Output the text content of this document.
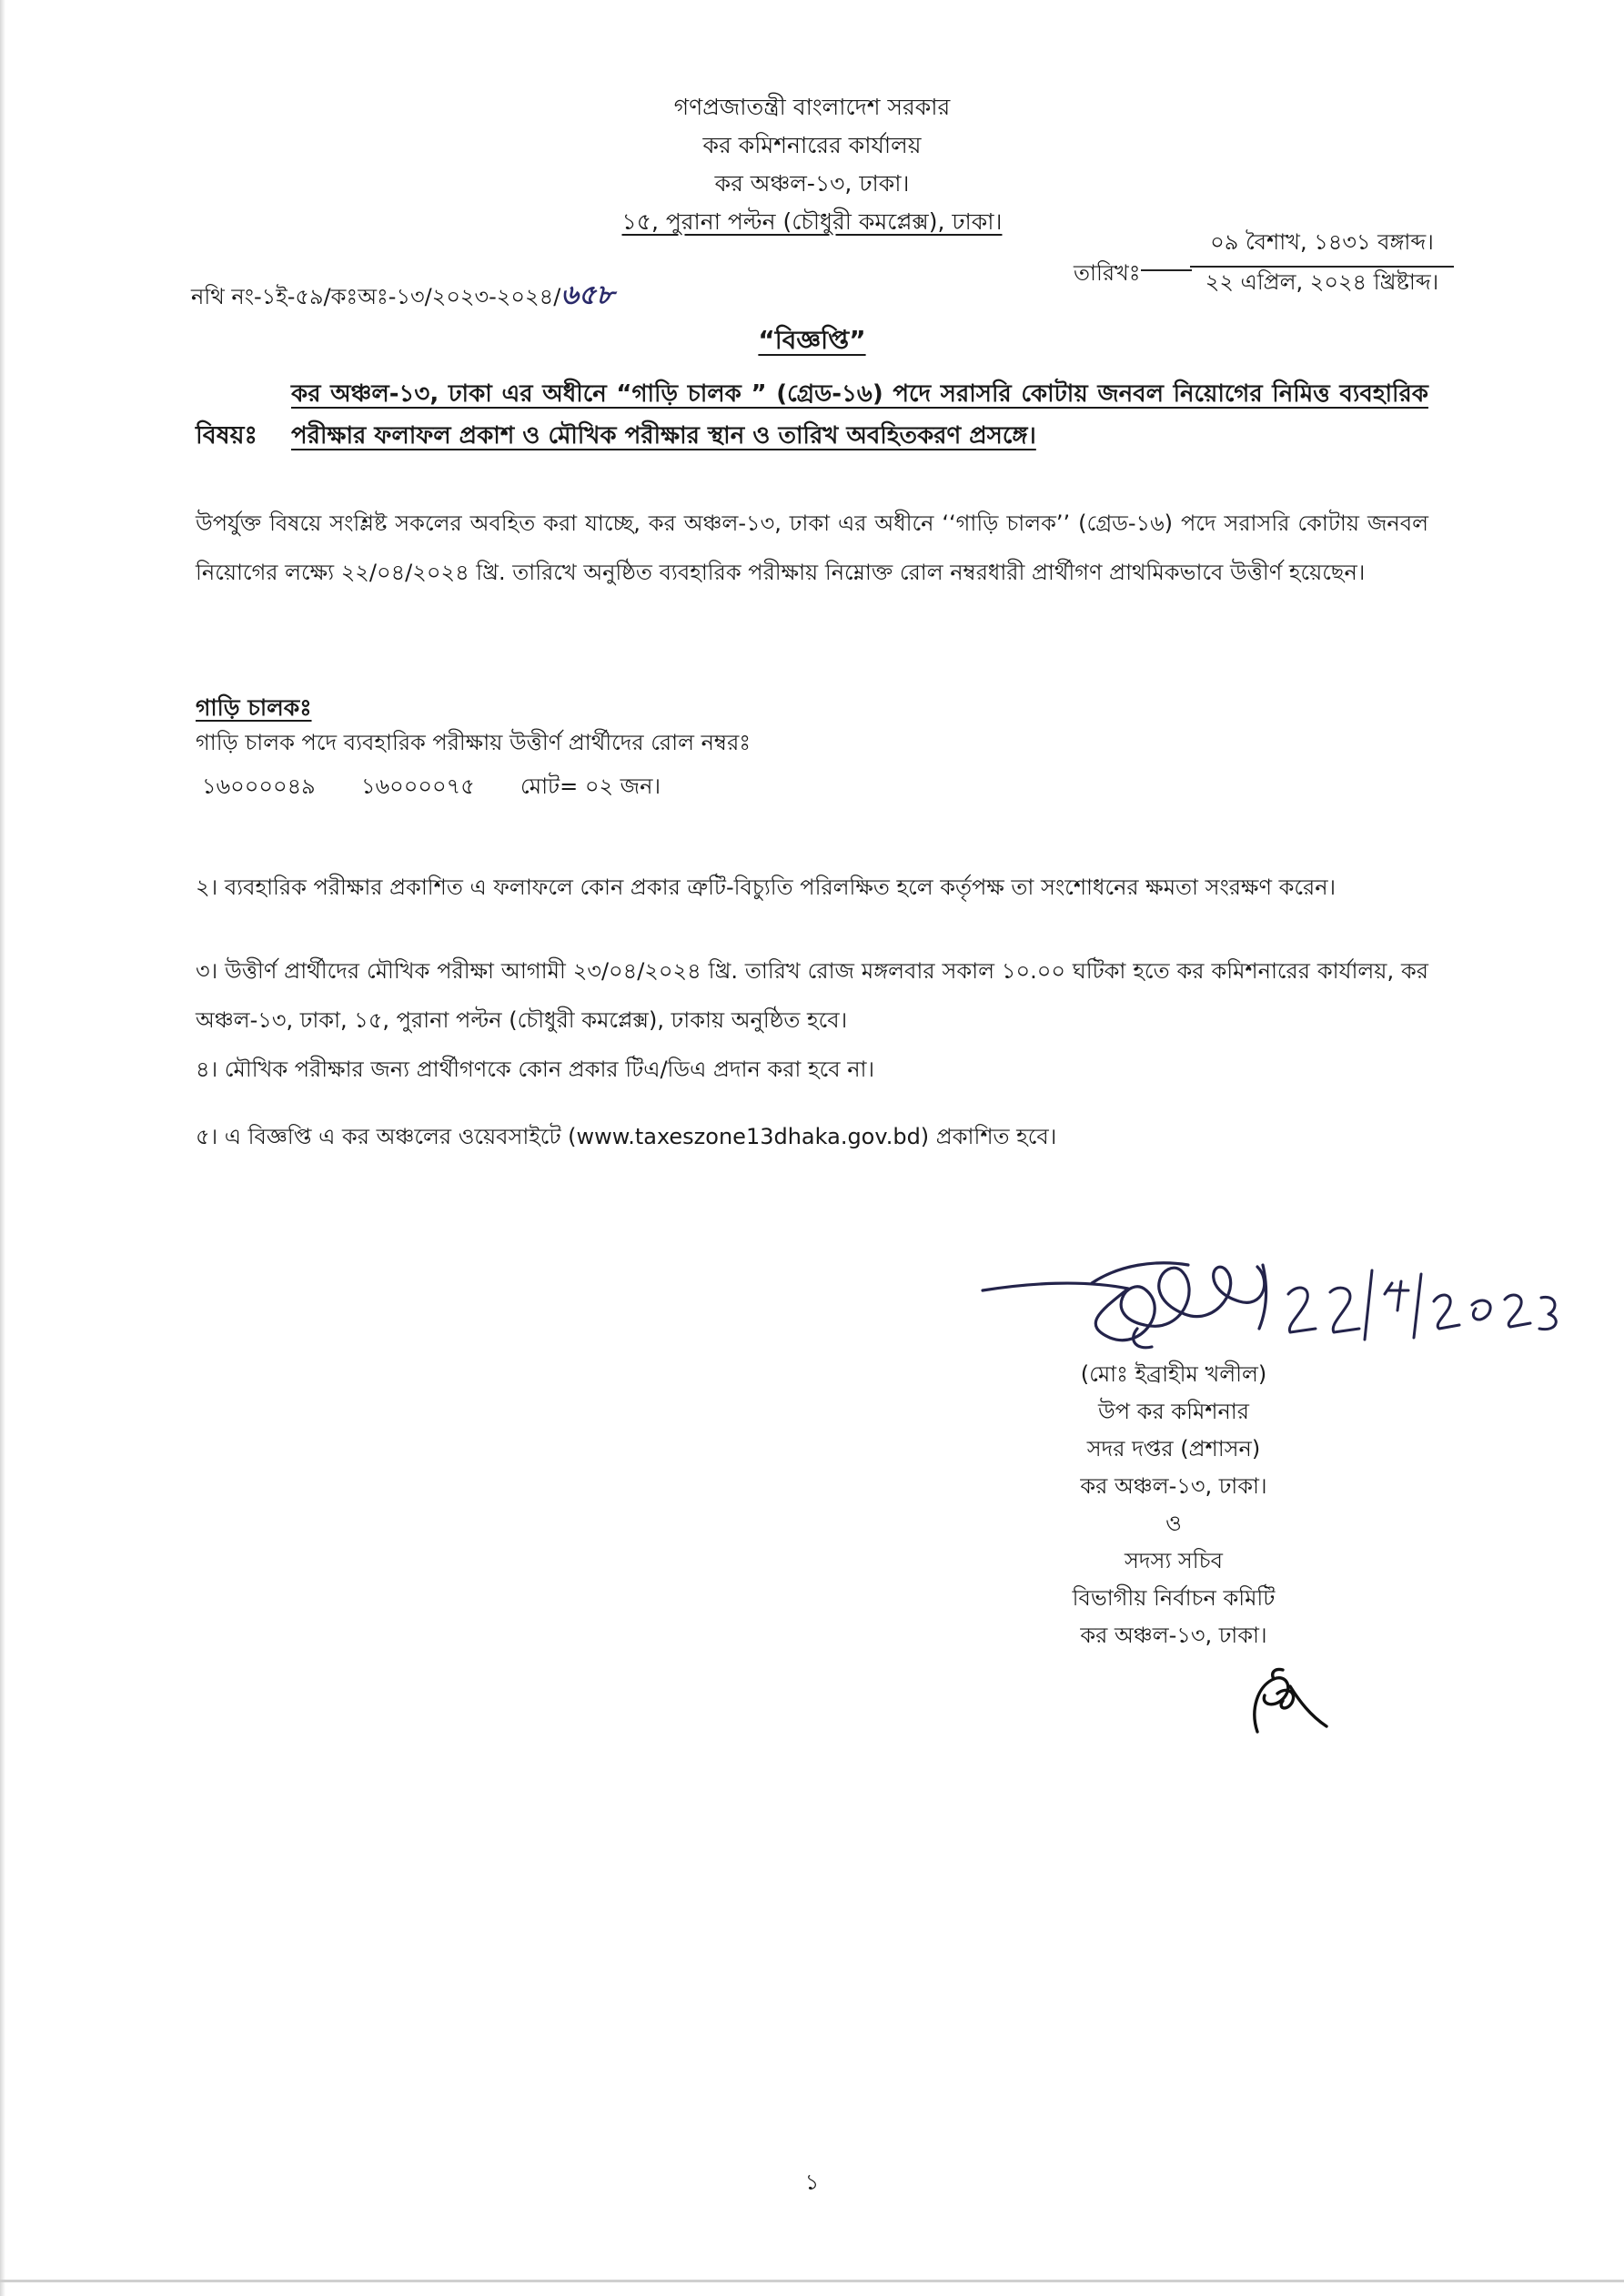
গণপ্রজাতন্ত্রী বাংলাদেশ সরকার
কর কমিশনারের কার্যালয়
কর অঞ্চল-১৩, ঢাকা।
১৫, পুরানা পল্টন (চৌধুরী কমপ্লেক্স), ঢাকা।
নথি নং-১ই-৫৯/কঃঅঃ-১৩/২০২৩-২০২৪/৬৫৮
তারিখঃ
০৯ বৈশাখ, ১৪৩১ বঙ্গাব্দ।
২২ এপ্রিল, ২০২৪ খ্রিষ্টাব্দ।
“বিজ্ঞপ্তি”
বিষয়ঃ
কর অঞ্চল-১৩, ঢাকা এর অধীনে “গাড়ি চালক ” (গ্রেড-১৬) পদে সরাসরি কোটায় জনবল নিয়োগের নিমিত্ত ব্যবহারিক পরীক্ষার ফলাফল প্রকাশ ও মৌখিক পরীক্ষার স্থান ও তারিখ অবহিতকরণ প্রসঙ্গে।
উপর্যুক্ত বিষয়ে সংশ্লিষ্ট সকলের অবহিত করা যাচ্ছে, কর অঞ্চল-১৩, ঢাকা এর অধীনে ‘‘গাড়ি চালক’’ (গ্রেড-১৬) পদে সরাসরি কোটায় জনবল নিয়োগের লক্ষ্যে ২২/০৪/২০২৪ খ্রি. তারিখে অনুষ্ঠিত ব্যবহারিক পরীক্ষায় নিম্নোক্ত রোল নম্বরধারী প্রার্থীগণ প্রাথমিকভাবে উত্তীর্ণ হয়েছেন।
গাড়ি চালকঃ
গাড়ি চালক পদে ব্যবহারিক পরীক্ষায় উত্তীর্ণ প্রার্থীদের রোল নম্বরঃ
১৬০০০০৪৯ ১৬০০০০৭৫ মোট= ০২ জন।
২। ব্যবহারিক পরীক্ষার প্রকাশিত এ ফলাফলে কোন প্রকার ত্রুটি-বিচ্যুতি পরিলক্ষিত হলে কর্তৃপক্ষ তা সংশোধনের ক্ষমতা সংরক্ষণ করেন।
৩। উত্তীর্ণ প্রার্থীদের মৌখিক পরীক্ষা আগামী ২৩/০৪/২০২৪ খ্রি. তারিখ রোজ মঙ্গলবার সকাল ১০.০০ ঘটিকা হতে কর কমিশনারের কার্যালয়, কর অঞ্চল-১৩, ঢাকা, ১৫, পুরানা পল্টন (চৌধুরী কমপ্লেক্স), ঢাকায় অনুষ্ঠিত হবে।
৪। মৌখিক পরীক্ষার জন্য প্রার্থীগণকে কোন প্রকার টিএ/ডিএ প্রদান করা হবে না।
৫। এ বিজ্ঞপ্তি এ কর অঞ্চলের ওয়েবসাইটে (www.taxeszone13dhaka.gov.bd) প্রকাশিত হবে।
(মোঃ ইব্রাহীম খলীল)
উপ কর কমিশনার
সদর দপ্তর (প্রশাসন)
কর অঞ্চল-১৩, ঢাকা।
ও
সদস্য সচিব
বিভাগীয় নির্বাচন কমিটি
কর অঞ্চল-১৩, ঢাকা।
১
